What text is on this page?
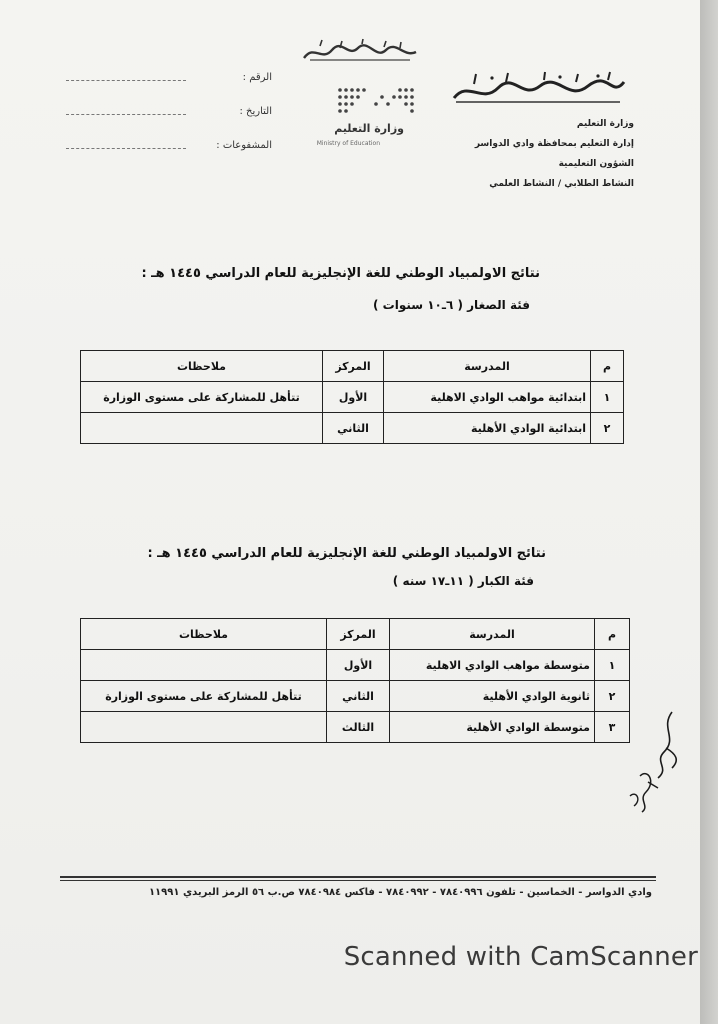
وزارة التعليم
Ministry of Education
وزارة التعليم
إدارة التعليم بمحافظة وادي الدواسر
الشؤون التعليمية
النشاط الطلابي / النشاط العلمي
الرقم :
التاريخ :
المشفوعات :
نتائج الاولمبياد الوطني للغة الإنجليزية للعام الدراسي ١٤٤٥ هـ :
فئة الصغار ( ٦ـ١٠ سنوات )
م	المدرسة	المركز	ملاحظات
١	ابتدائية مواهب الوادي الاهلية	الأول	تتأهل للمشاركة على مستوى الوزارة
٢	ابتدائية الوادي الأهلية	الثاني	
نتائج الاولمبياد الوطني للغة الإنجليزية للعام الدراسي ١٤٤٥ هـ :
فئة الكبار ( ١١ـ١٧ سنه )
م	المدرسة	المركز	ملاحظات
١	متوسطة مواهب الوادي الاهلية	الأول	
٢	ثانوية الوادي الأهلية	الثاني	تتأهل للمشاركة على مستوى الوزارة
٣	متوسطة الوادي الأهلية	الثالث	
وادي الدواسر - الخماسين - تلفون ٧٨٤٠٩٩٦ - ٧٨٤٠٩٩٢ - فاكس ٧٨٤٠٩٨٤ ص.ب ٥٦ الرمز البريدي ١١٩٩١
Scanned with CamScanner
